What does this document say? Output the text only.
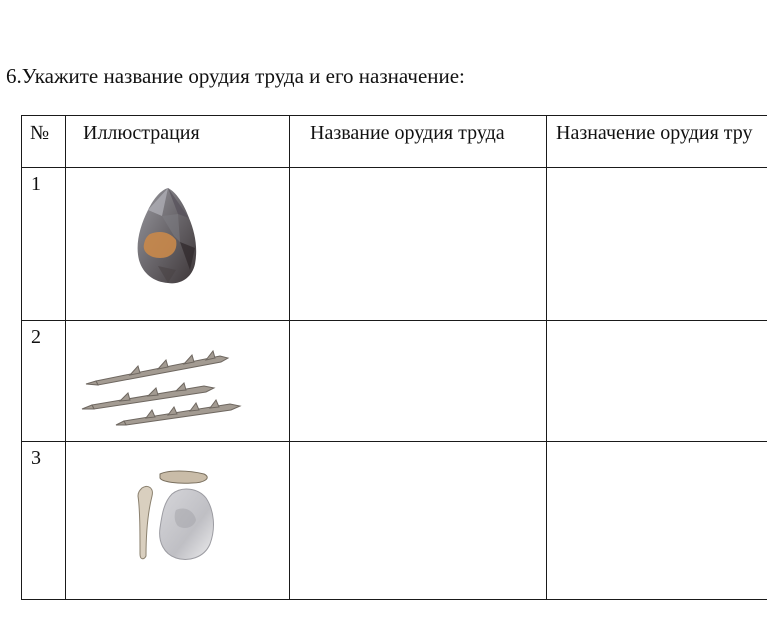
6.Укажите название орудия труда и его назначение:
№ Иллюстрация	Название орудия труда	Назначение орудия тру
1
2
3
